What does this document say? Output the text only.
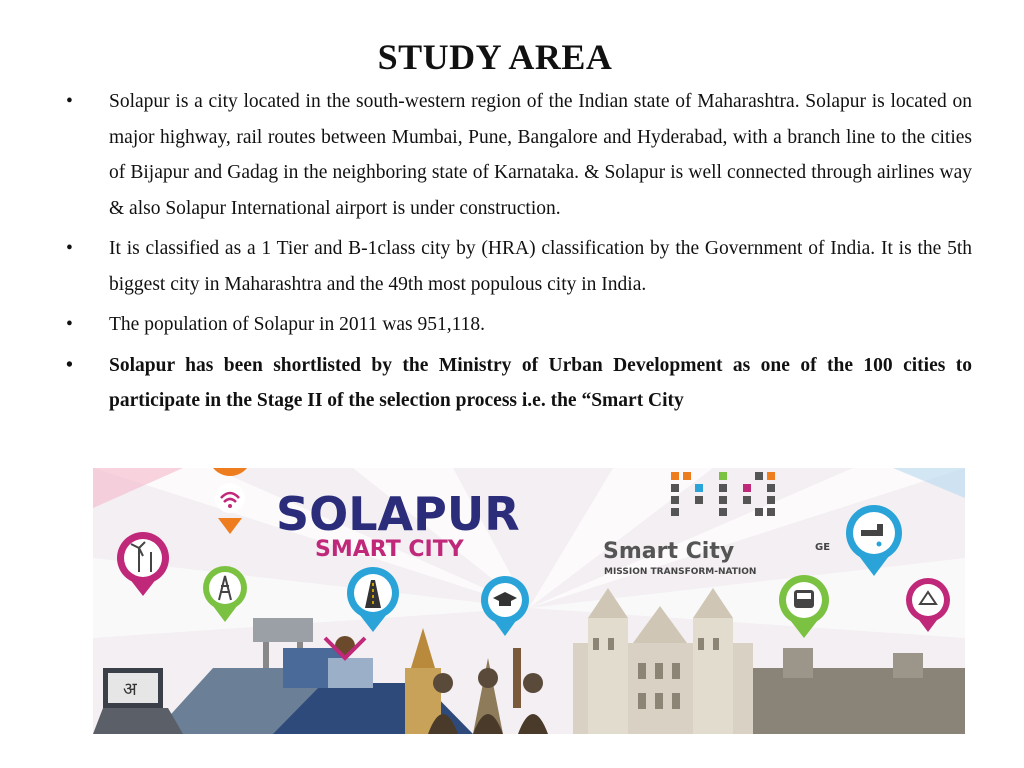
STUDY AREA
•	Solapur is a city located in the south-western region of the Indian state of Maharashtra. Solapur is located on major highway, rail routes between Mumbai, Pune, Bangalore and Hyderabad, with a branch line to the cities of Bijapur and Gadag in the neighboring state of Karnataka. & Solapur is well connected through airlines way & also Solapur International airport is under construction.
•	It is classified as a 1 Tier and B-1class city by (HRA) classification by the Government of India. It is the 5th biggest city in Maharashtra and the 49th most populous city in India.
•	The population of Solapur in 2011 was 951,118.
•	Solapur has been shortlisted by the Ministry of Urban Development as one of the 100 cities to participate in the Stage II of the selection process i.e. the “Smart City
SOLAPUR
SMART CITY	Smart City
MISSION TRANSFORM-NATION
GE
अ
